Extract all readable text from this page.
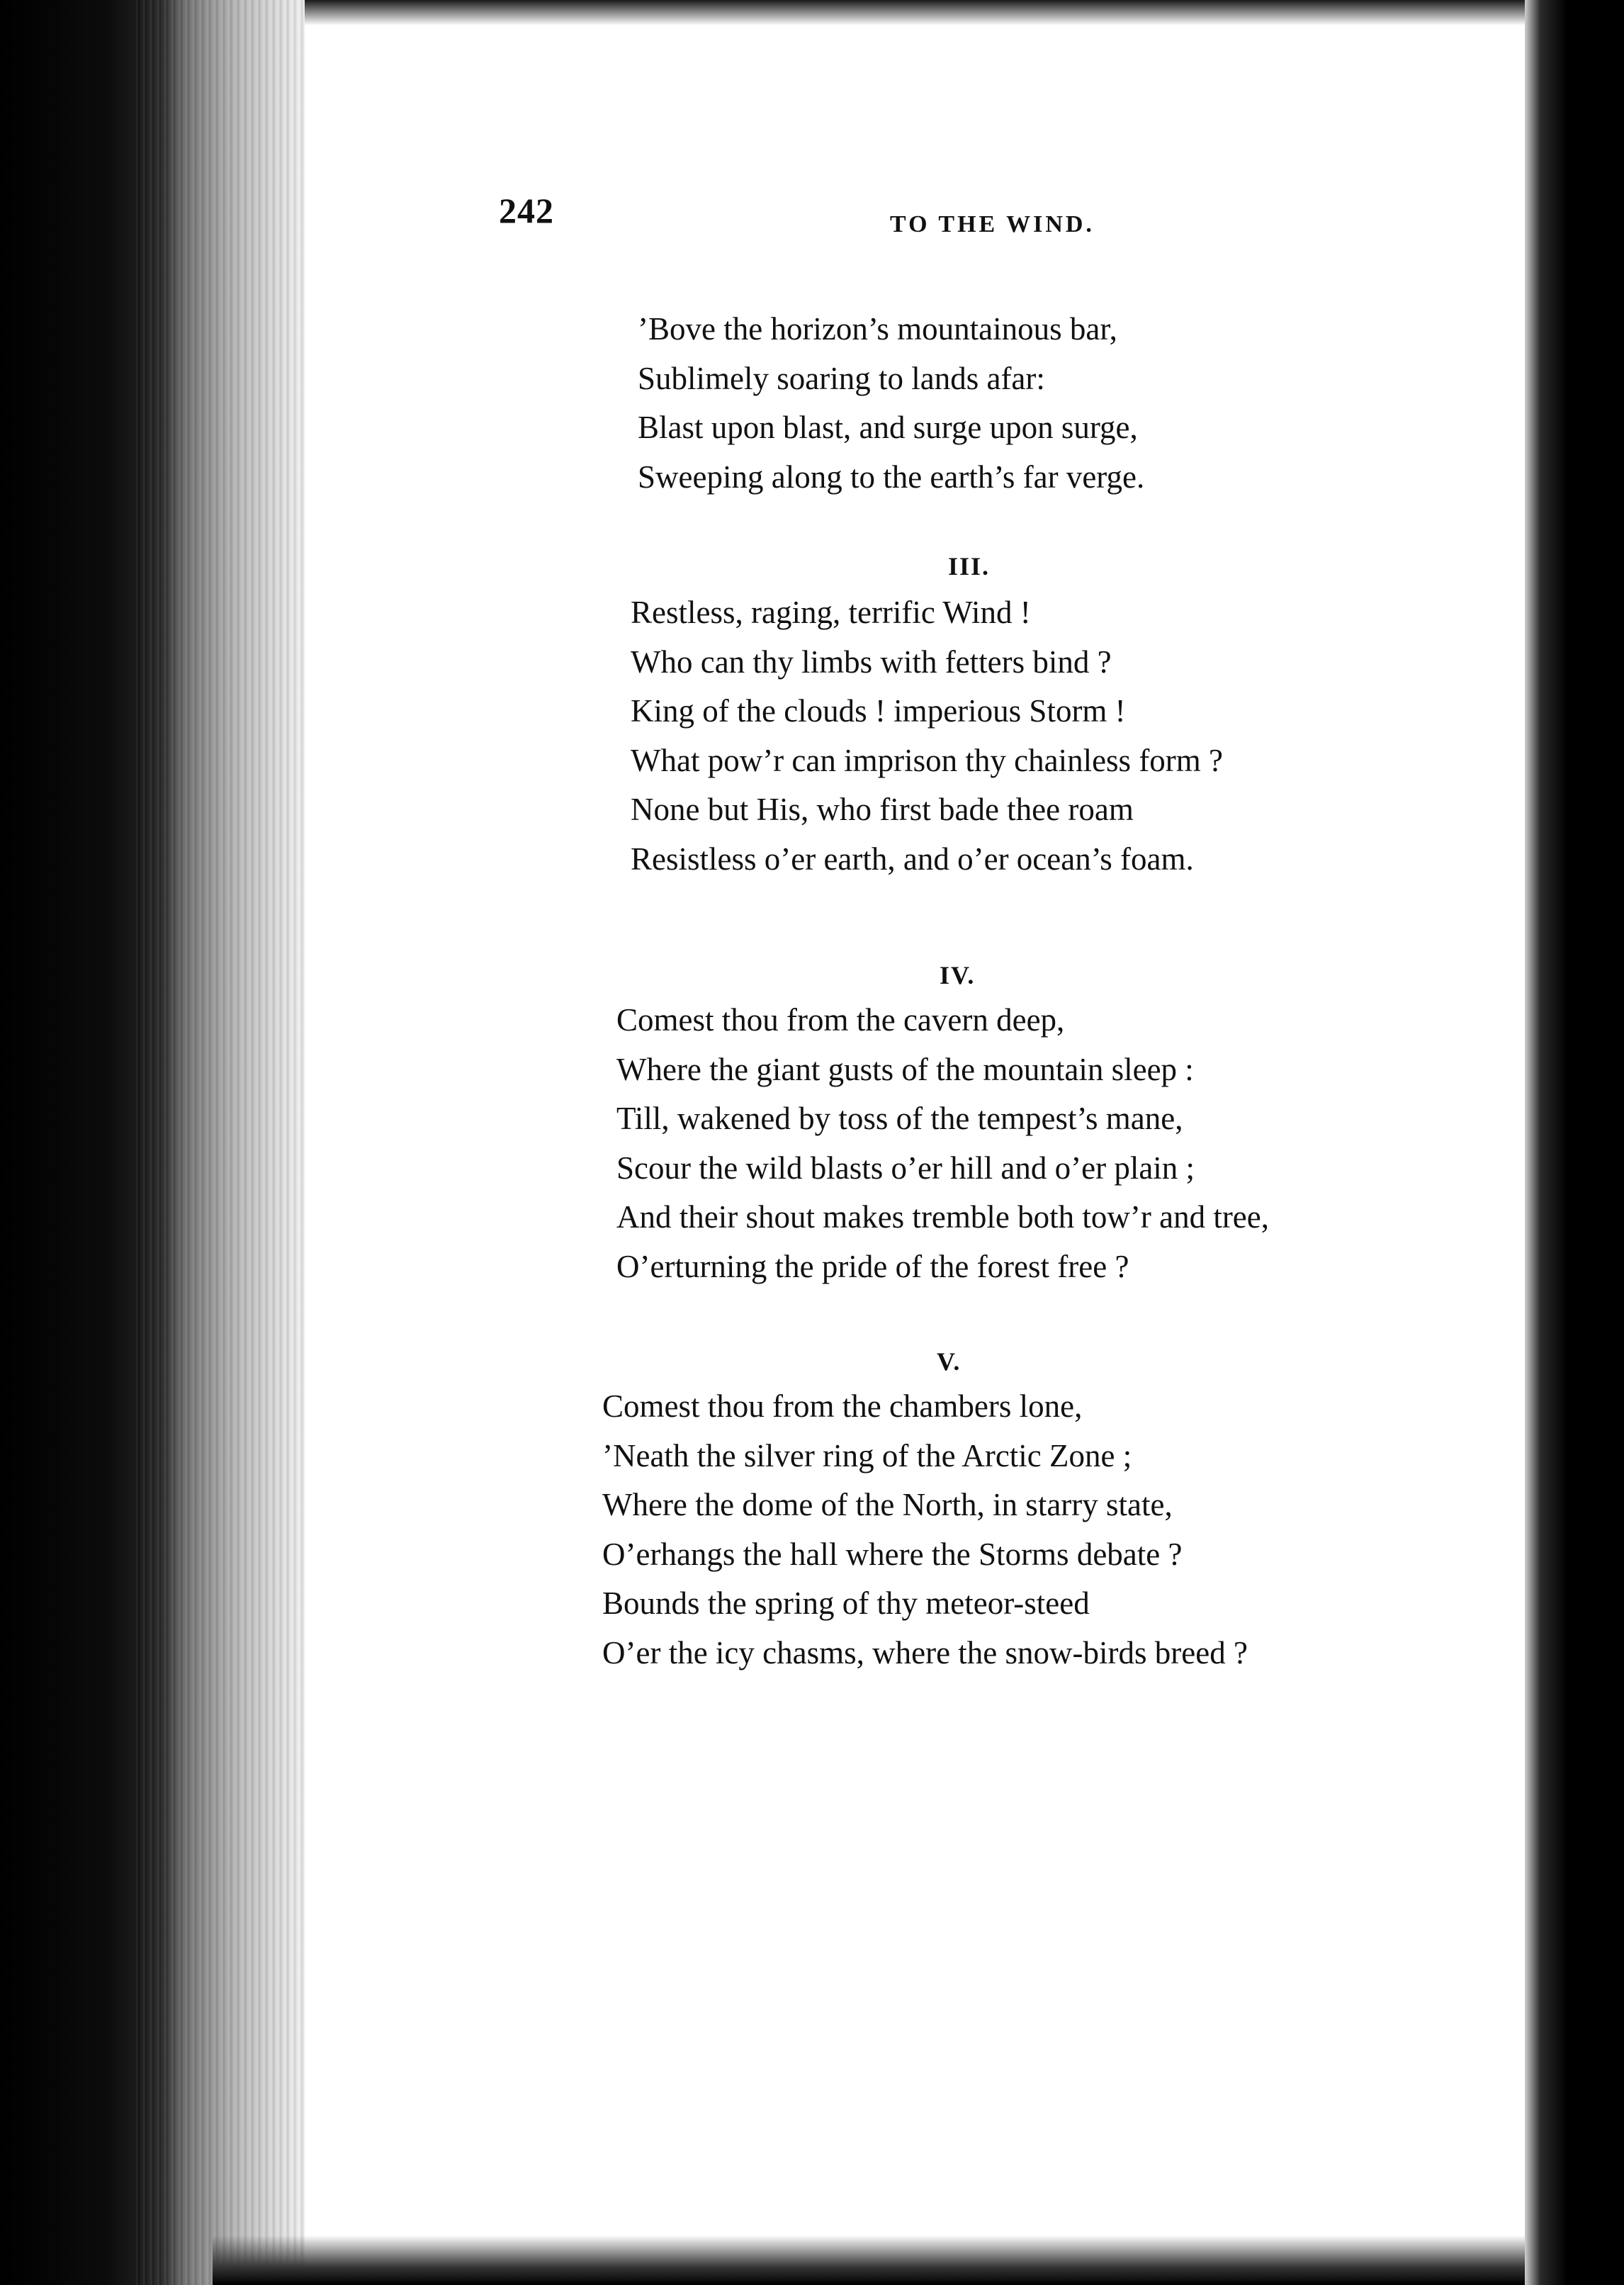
242	TO THE WIND.
’Bove the horizon’s mountainous bar,
Sublimely soaring to lands afar:
Blast upon blast, and surge upon surge,
Sweeping along to the earth’s far verge.
III.
Restless, raging, terrific Wind !
Who can thy limbs with fetters bind ?
King of the clouds ! imperious Storm !
What pow’r can imprison thy chainless form ?
None but His, who first bade thee roam
Resistless o’er earth, and o’er ocean’s foam.
IV.
Comest thou from the cavern deep,
Where the giant gusts of the mountain sleep :
Till, wakened by toss of the tempest’s mane,
Scour the wild blasts o’er hill and o’er plain ;
And their shout makes tremble both tow’r and tree,
O’erturning the pride of the forest free ?
V.
Comest thou from the chambers lone,
’Neath the silver ring of the Arctic Zone ;
Where the dome of the North, in starry state,
O’erhangs the hall where the Storms debate ?
Bounds the spring of thy meteor-steed
O’er the icy chasms, where the snow-birds breed ?
